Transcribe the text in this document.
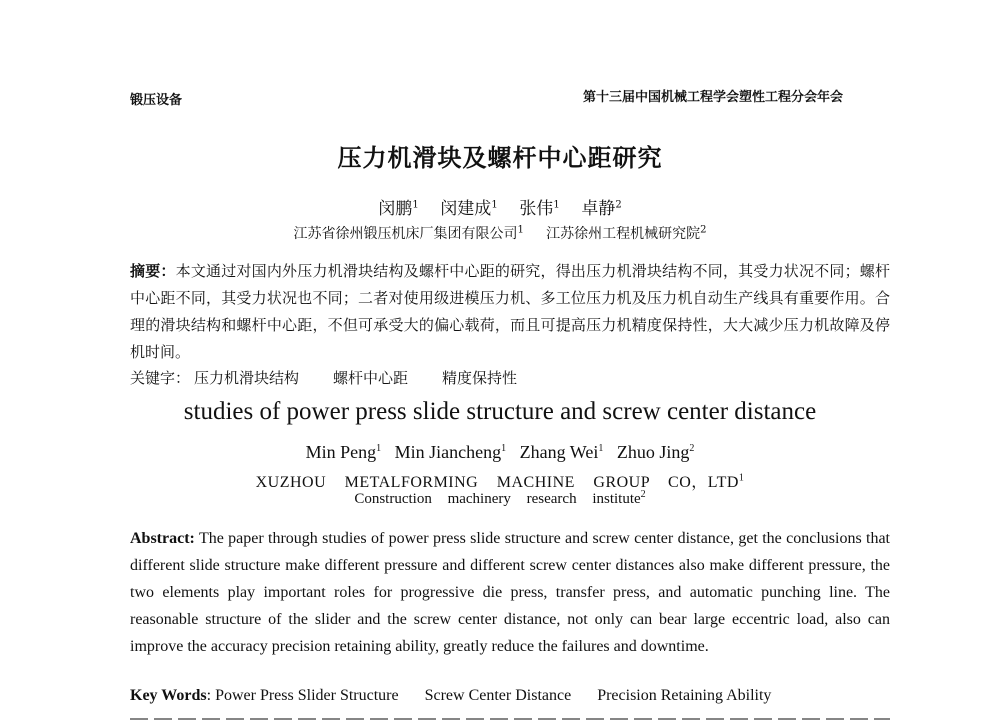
锻压设备	第十三届中国机械工程学会塑性工程分会年会
压力机滑块及螺杆中心距研究
闵鹏$^1$ 闵建成$^1$ 张伟$^1$ 卓静$^2$
江苏省徐州锻压机床厂集团有限公司$^1$ 江苏徐州工程机械研究院$^2$
摘要：本文通过对国内外压力机滑块结构及螺杆中心距的研究，得出压力机滑块结构不同，其受力状况不同；螺杆中心距不同，其受力状况也不同；二者对使用级进模压力机、多工位压力机及压力机自动生产线具有重要作用。合理的滑块结构和螺杆中心距，不但可承受大的偏心载荷，而且可提高压力机精度保持性，大大减少压力机故障及停机时间。
关键字： 压力机滑块结构 螺杆中心距 精度保持性
studies of power press slide structure and screw center distance
Min Peng$^1$ Min Jiancheng$^1$ Zhang Wei$^1$ Zhuo Jing$^2$
XUZHOU METALFORMING MACHINE GROUP CO，LTD$^1$
Construction machinery research institute$^2$
Abstract: The paper through studies of power press slide structure and screw center distance, get the conclusions that different slide structure make different pressure and different screw center distances also make different pressure, the two elements play important roles for progressive die press, transfer press, and automatic punching line. The reasonable structure of the slider and the screw center distance, not only can bear large eccentric load, also can improve the accuracy precision retaining ability, greatly reduce the failures and downtime.
Key Words: Power Press Slider Structure Screw Center Distance Precision Retaining Ability
